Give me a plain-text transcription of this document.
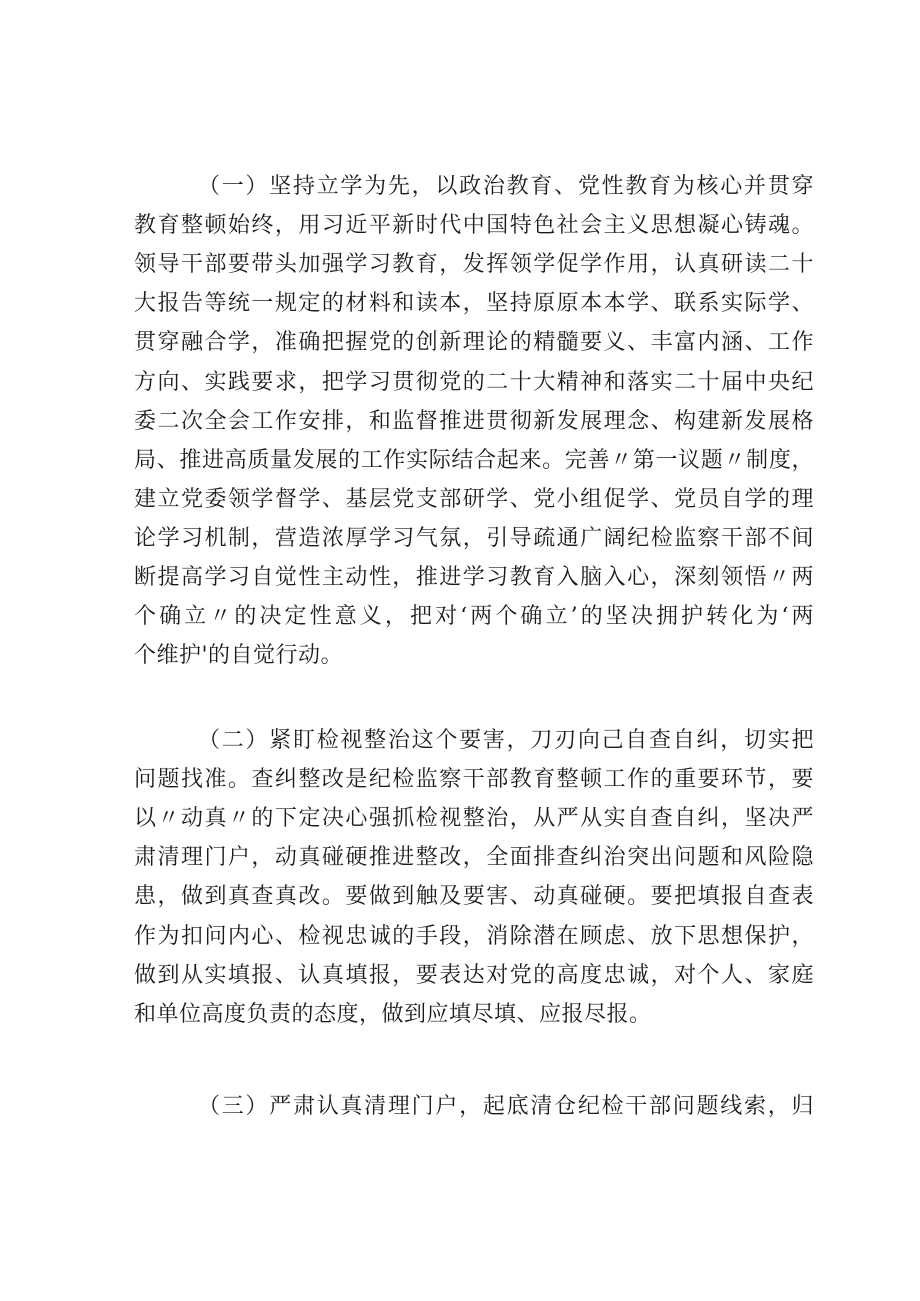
（一）坚持立学为先，以政治教育、党性教育为核心并贯穿
教育整顿始终，用习近平新时代中国特色社会主义思想凝心铸魂。
领导干部要带头加强学习教育，发挥领学促学作用，认真研读二十
大报告等统一规定的材料和读本，坚持原原本本学、联系实际学、
贯穿融合学，准确把握党的创新理论的精髓要义、丰富内涵、工作
方向、实践要求，把学习贯彻党的二十大精神和落实二十届中央纪
委二次全会工作安排，和监督推进贯彻新发展理念、构建新发展格
局、推进高质量发展的工作实际结合起来。完善〃第一议题〃制度，
建立党委领学督学、基层党支部研学、党小组促学、党员自学的理
论学习机制，营造浓厚学习气氛，引导疏通广阔纪检监察干部不间
断提高学习自觉性主动性，推进学习教育入脑入心，深刻领悟〃两
个确立〃的决定性意义，把对‘两个确立’的坚决拥护转化为‘两
个维护'的自觉行动。
（二）紧盯检视整治这个要害，刀刃向己自查自纠，切实把
问题找准。查纠整改是纪检监察干部教育整顿工作的重要环节，要
以〃动真〃的下定决心强抓检视整治，从严从实自查自纠，坚决严
肃清理门户，动真碰硬推进整改，全面排查纠治突出问题和风险隐
患，做到真查真改。要做到触及要害、动真碰硬。要把填报自查表
作为扣问内心、检视忠诚的手段，消除潜在顾虑、放下思想保护，
做到从实填报、认真填报，要表达对党的高度忠诚，对个人、家庭
和单位高度负责的态度，做到应填尽填、应报尽报。
（三）严肃认真清理门户，起底清仓纪检干部问题线索，归
